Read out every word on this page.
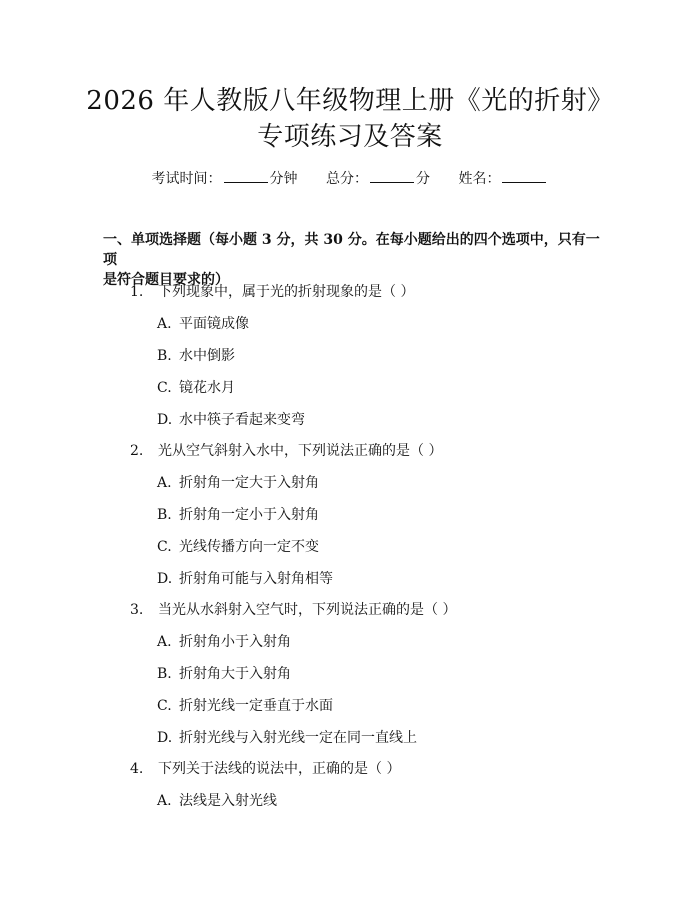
2026 年人教版八年级物理上册《光的折射》
专项练习及答案
考试时间：	分钟 总分：	分 姓名：
一、单项选择题（每小题 3 分，共 30 分。在每小题给出的四个选项中，只有一项
是符合题目要求的）
1. 下列现象中，属于光的折射现象的是（ ）
A. 平面镜成像
B. 水中倒影
C. 镜花水月
D. 水中筷子看起来变弯
2. 光从空气斜射入水中，下列说法正确的是（ ）
A. 折射角一定大于入射角
B. 折射角一定小于入射角
C. 光线传播方向一定不变
D. 折射角可能与入射角相等
3. 当光从水斜射入空气时，下列说法正确的是（ ）
A. 折射角小于入射角
B. 折射角大于入射角
C. 折射光线一定垂直于水面
D. 折射光线与入射光线一定在同一直线上
4. 下列关于法线的说法中，正确的是（ ）
A. 法线是入射光线
